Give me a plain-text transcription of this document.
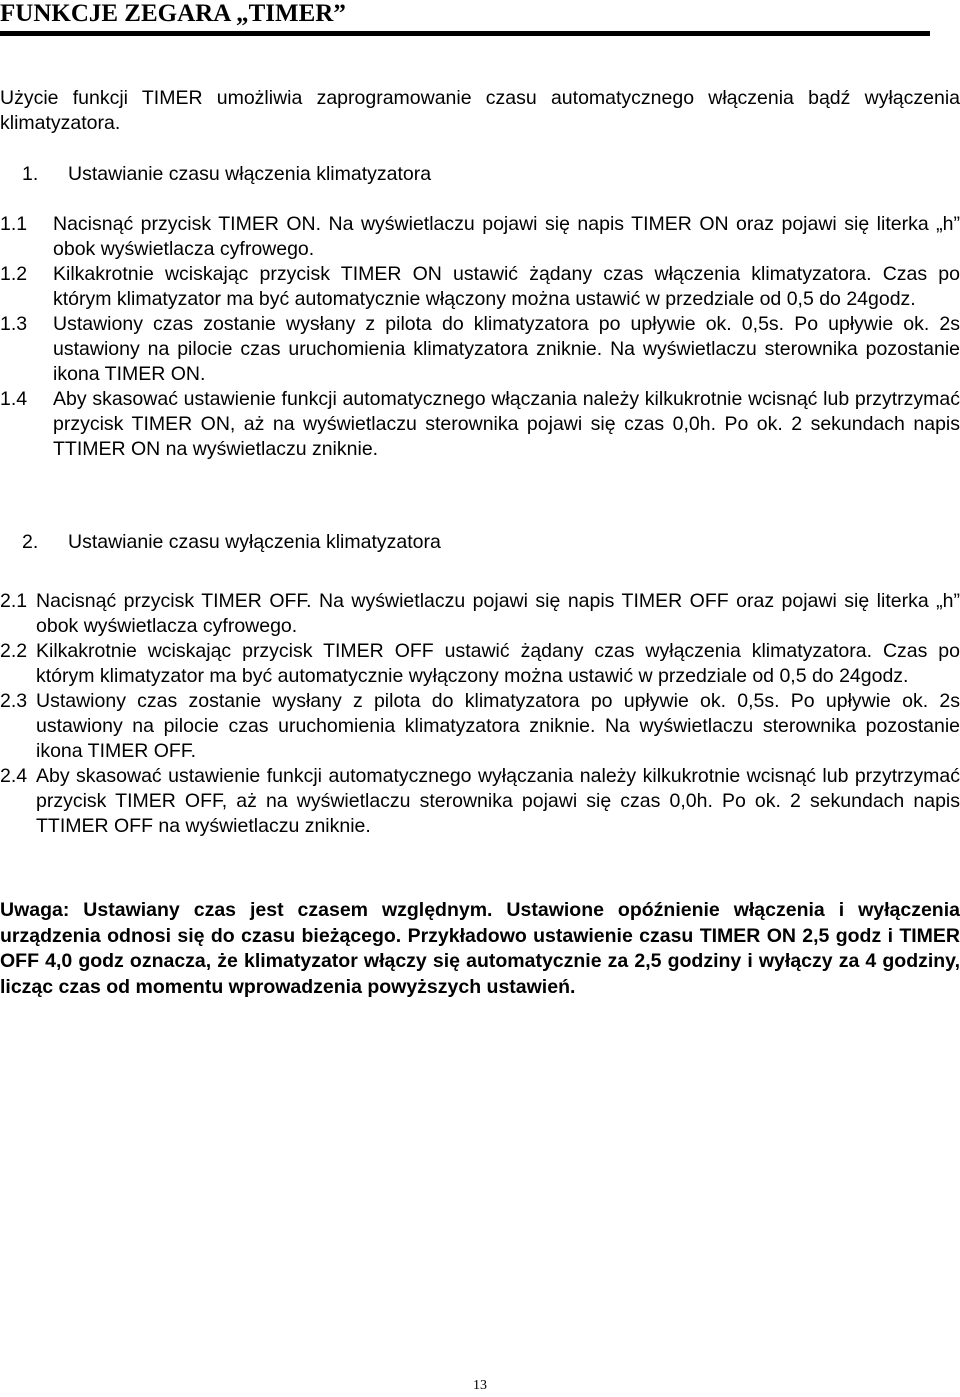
FUNKCJE ZEGARA „TIMER”

Użycie funkcji TIMER umożliwia zaprogramowanie czasu automatycznego włączenia bądź wyłączenia klimatyzatora.

1. Ustawianie czasu włączenia klimatyzatora
1.1 Nacisnąć przycisk TIMER ON. Na wyświetlaczu pojawi się napis TIMER ON oraz pojawi się literka „h” obok wyświetlacza cyfrowego.
1.2 Kilkakrotnie wciskając przycisk TIMER ON ustawić żądany czas włączenia klimatyzatora. Czas po którym klimatyzator ma być automatycznie włączony można ustawić w przedziale od 0,5 do 24godz.
1.3 Ustawiony czas zostanie wysłany z pilota do klimatyzatora po upływie ok. 0,5s. Po upływie ok. 2s ustawiony na pilocie czas uruchomienia klimatyzatora zniknie. Na wyświetlaczu sterownika pozostanie ikona TIMER ON.
1.4 Aby skasować ustawienie funkcji automatycznego włączania należy kilkukrotnie wcisnąć lub przytrzymać przycisk TIMER ON, aż na wyświetlaczu sterownika pojawi się czas 0,0h. Po ok. 2 sekundach napis TTIMER ON na wyświetlaczu zniknie.
2. Ustawianie czasu wyłączenia klimatyzatora
2.1 Nacisnąć przycisk TIMER OFF. Na wyświetlaczu pojawi się napis TIMER OFF oraz pojawi się literka „h” obok wyświetlacza cyfrowego.
2.2 Kilkakrotnie wciskając przycisk TIMER OFF ustawić żądany czas wyłączenia klimatyzatora. Czas po którym klimatyzator ma być automatycznie wyłączony można ustawić w przedziale od 0,5 do 24godz.
2.3 Ustawiony czas zostanie wysłany z pilota do klimatyzatora po upływie ok. 0,5s. Po upływie ok. 2s ustawiony na pilocie czas uruchomienia klimatyzatora zniknie. Na wyświetlaczu sterownika pozostanie ikona TIMER OFF.
2.4 Aby skasować ustawienie funkcji automatycznego wyłączania należy kilkukrotnie wcisnąć lub przytrzymać przycisk TIMER OFF, aż na wyświetlaczu sterownika pojawi się czas 0,0h. Po ok. 2 sekundach napis TTIMER OFF na wyświetlaczu zniknie.

Uwaga: Ustawiany czas jest czasem względnym. Ustawione opóźnienie włączenia i wyłączenia urządzenia odnosi się do czasu bieżącego. Przykładowo ustawienie czasu TIMER ON 2,5 godz i TIMER OFF 4,0 godz oznacza, że klimatyzator włączy się automatycznie za 2,5 godziny i wyłączy za 4 godziny, licząc czas od momentu wprowadzenia powyższych ustawień.

13
